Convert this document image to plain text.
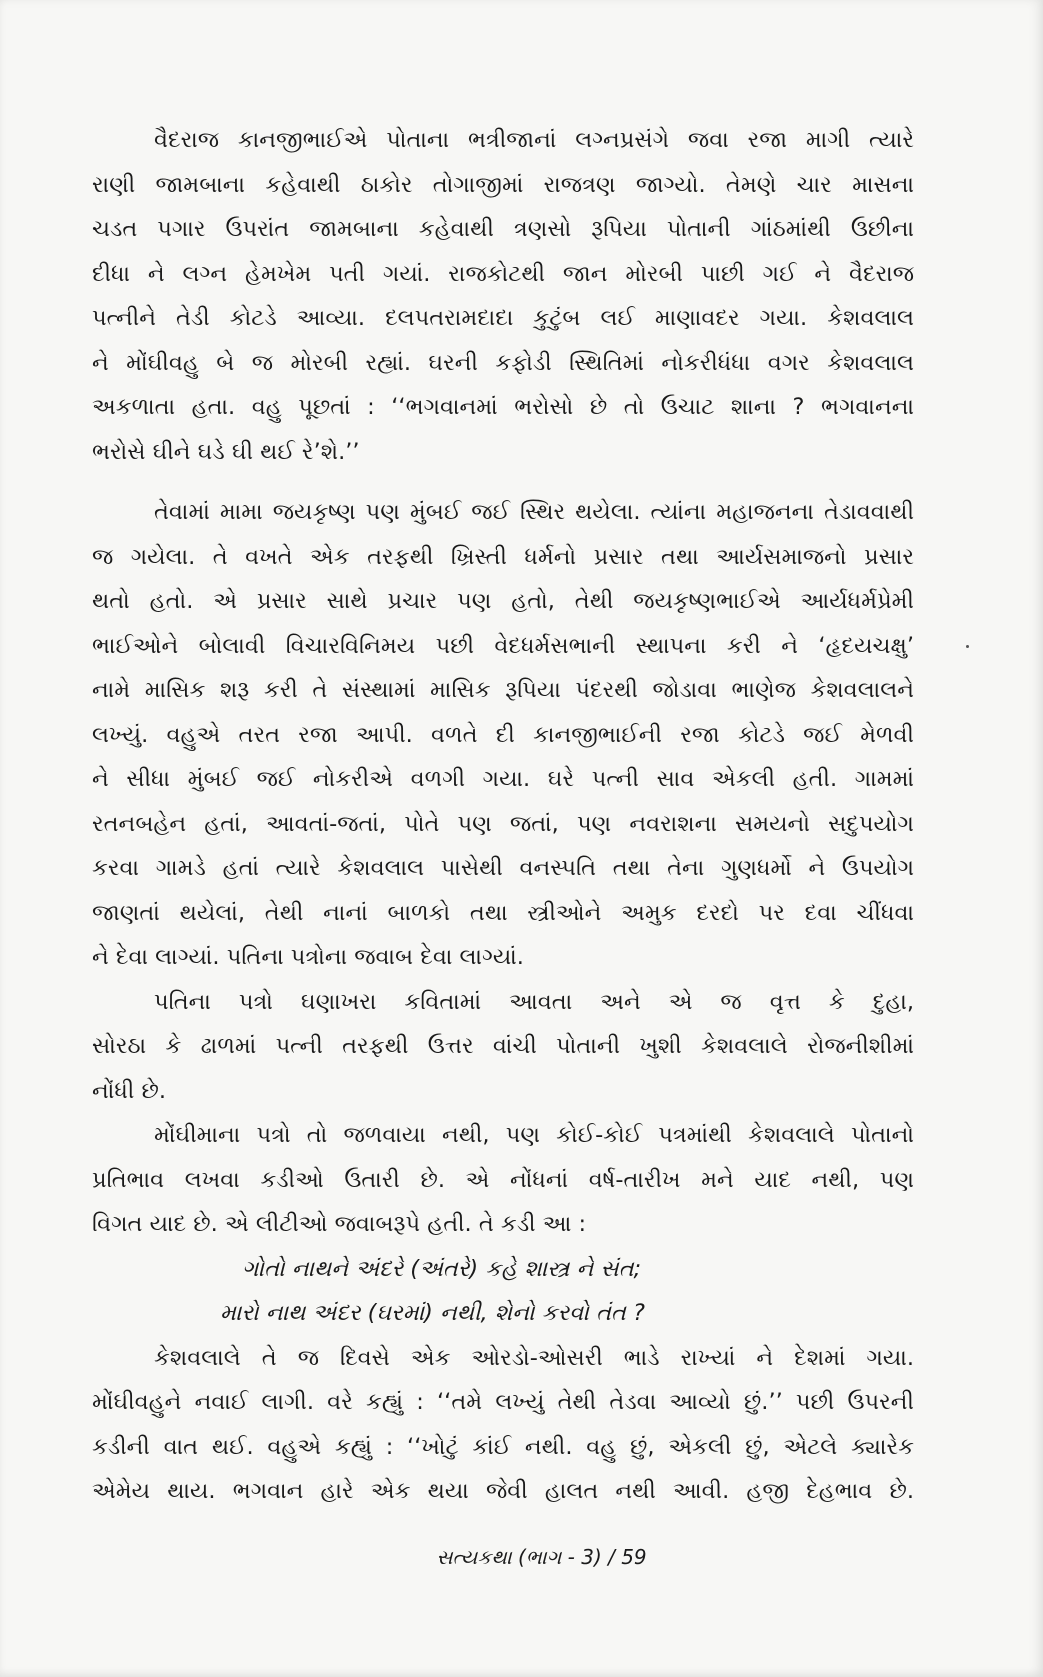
વૈદરાજ કાનજીભાઈએ પોતાના ભત્રીજાનાં લગ્નપ્રસંગે જવા રજા માગી ત્યારે
રાણી જામબાના કહેવાથી ઠાકોર તોગાજીમાં રાજત્રણ જાગ્યો. તેમણે ચાર માસના
ચડત પગાર ઉપરાંત જામબાના કહેવાથી ત્રણસો રૂપિયા પોતાની ગાંઠમાંથી ઉછીના
દીધા ને લગ્ન હેમખેમ પતી ગયાં. રાજકોટથી જાન મોરબી પાછી ગઈ ને વૈદરાજ
પત્નીને તેડી કોટડે આવ્યા. દલપતરામદાદા કુટુંબ લઈ માણાવદર ગયા. કેશવલાલ
ને મોંઘીવહુ બે જ મોરબી રહ્યાં. ઘરની કફોડી સ્થિતિમાં નોકરીધંધા વગર કેશવલાલ
અકળાતા હતા. વહુ પૂછતાં : ‘‘ભગવાનમાં ભરોસો છે તો ઉચાટ શાના ? ભગવાનના
ભરોસે ઘીને ઘડે ઘી થઈ રે’શે.’’
તેવામાં મામા જયકૃષ્ણ પણ મુંબઈ જઈ સ્થિર થયેલા. ત્યાંના મહાજનના તેડાવવાથી
જ ગયેલા. તે વખતે એક તરફથી ખ્રિસ્તી ધર્મનો પ્રસાર તથા આર્યસમાજનો પ્રસાર
થતો હતો. એ પ્રસાર સાથે પ્રચાર પણ હતો, તેથી જયકૃષ્ણભાઈએ આર્યધર્મપ્રેમી
ભાઈઓને બોલાવી વિચારવિનિમય પછી વેદધર્મસભાની સ્થાપના કરી ને ‘હૃદયચક્ષુ’
નામે માસિક શરૂ કરી તે સંસ્થામાં માસિક રૂપિયા પંદરથી જોડાવા ભાણેજ કેશવલાલને
લખ્યું. વહુએ તરત રજા આપી. વળતે દી કાનજીભાઈની રજા કોટડે જઈ મેળવી
ને સીધા મુંબઈ જઈ નોકરીએ વળગી ગયા. ઘરે પત્ની સાવ એકલી હતી. ગામમાં
રતનબહેન હતાં, આવતાં-જતાં, પોતે પણ જતાં, પણ નવરાશના સમયનો સદુપયોગ
કરવા ગામડે હતાં ત્યારે કેશવલાલ પાસેથી વનસ્પતિ તથા તેના ગુણધર્મો ને ઉપયોગ
જાણતાં થયેલાં, તેથી નાનાં બાળકો તથા સ્ત્રીઓને અમુક દરદો પર દવા ચીંધવા
ને દેવા લાગ્યાં. પતિના પત્રોના જવાબ દેવા લાગ્યાં.
પતિના પત્રો ઘણાખરા કવિતામાં આવતા અને એ જ વૃત્ત કે દુહા,
સોરઠા કે ઢાળમાં પત્ની તરફથી ઉત્તર વાંચી પોતાની ખુશી કેશવલાલે રોજનીશીમાં
નોંધી છે.
મોંઘીમાના પત્રો તો જળવાયા નથી, પણ કોઈ-કોઈ પત્રમાંથી કેશવલાલે પોતાનો
પ્રતિભાવ લખવા કડીઓ ઉતારી છે. એ નોંધનાં વર્ષ-તારીખ મને યાદ નથી, પણ
વિગત યાદ છે. એ લીટીઓ જવાબરૂપે હતી. તે કડી આ :
ગોતો નાથને અંદરે (અંતરે) કહે શાસ્ત્ર ને સંત;
મારો નાથ અંદર (ઘરમાં) નથી, શેનો કરવો તંત ?
કેશવલાલે તે જ દિવસે એક ઓરડો-ઓસરી ભાડે રાખ્યાં ને દેશમાં ગયા.
મોંઘીવહુને નવાઈ લાગી. વરે કહ્યું : ‘‘તમે લખ્યું તેથી તેડવા આવ્યો છું.’’ પછી ઉપરની
કડીની વાત થઈ. વહુએ કહ્યું : ‘‘ખોટું કાંઈ નથી. વહુ છું, એકલી છું, એટલે ક્યારેક
એમેય થાય. ભગવાન હારે એક થયા જેવી હાલત નથી આવી. હજી દેહભાવ છે.
સત્યકથા (ભાગ - 3) / 59
